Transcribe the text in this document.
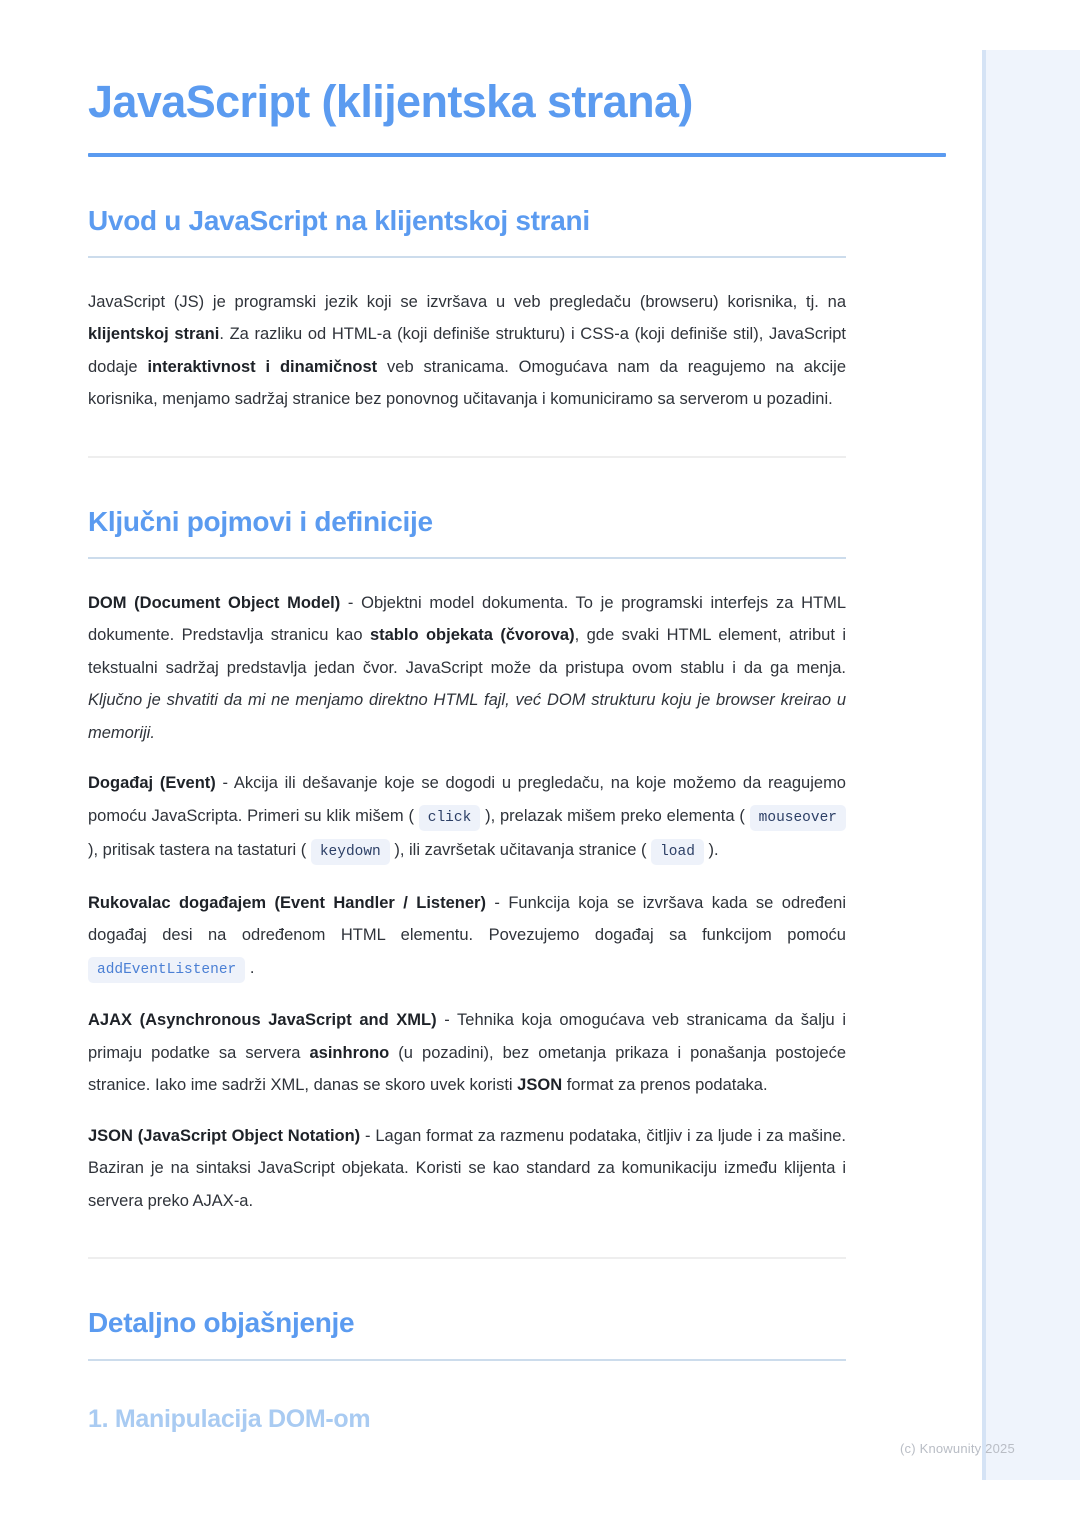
JavaScript (klijentska strana)
Uvod u JavaScript na klijentskoj strani

JavaScript (JS) je programski jezik koji se izvršava u veb pregledaču (browseru) korisnika, tj. na klijentskoj strani. Za razliku od HTML-a (koji definiše strukturu) i CSS-a (koji definiše stil), JavaScript dodaje interaktivnost i dinamičnost veb stranicama. Omogućava nam da reagujemo na akcije korisnika, menjamo sadržaj stranice bez ponovnog učitavanja i komuniciramo sa serverom u pozadini.

Ključni pojmovi i definicije

DOM (Document Object Model) - Objektni model dokumenta. To je programski interfejs za HTML dokumente. Predstavlja stranicu kao stablo objekata (čvorova), gde svaki HTML element, atribut i tekstualni sadržaj predstavlja jedan čvor. JavaScript može da pristupa ovom stablu i da ga menja. Ključno je shvatiti da mi ne menjamo direktno HTML fajl, već DOM strukturu koju je browser kreirao u memoriji.

Događaj (Event) - Akcija ili dešavanje koje se dogodi u pregledaču, na koje možemo da reagujemo pomoću JavaScripta. Primeri su klik mišem ( click ), prelazak mišem preko elementa ( mouseover ), pritisak tastera na tastaturi ( keydown ), ili završetak učitavanja stranice ( load ).

Rukovalac događajem (Event Handler / Listener) - Funkcija koja se izvršava kada se određeni događaj desi na određenom HTML elementu. Povezujemo događaj sa funkcijom pomoću addEventListener .

AJAX (Asynchronous JavaScript and XML) - Tehnika koja omogućava veb stranicama da šalju i primaju podatke sa servera asinhrono (u pozadini), bez ometanja prikaza i ponašanja postojeće stranice. Iako ime sadrži XML, danas se skoro uvek koristi JSON format za prenos podataka.

JSON (JavaScript Object Notation) - Lagan format za razmenu podataka, čitljiv i za ljude i za mašine. Baziran je na sintaksi JavaScript objekata. Koristi se kao standard za komunikaciju između klijenta i servera preko AJAX-a.

Detaljno objašnjenje
1. Manipulacija DOM-om
(c) Knowunity 2025
